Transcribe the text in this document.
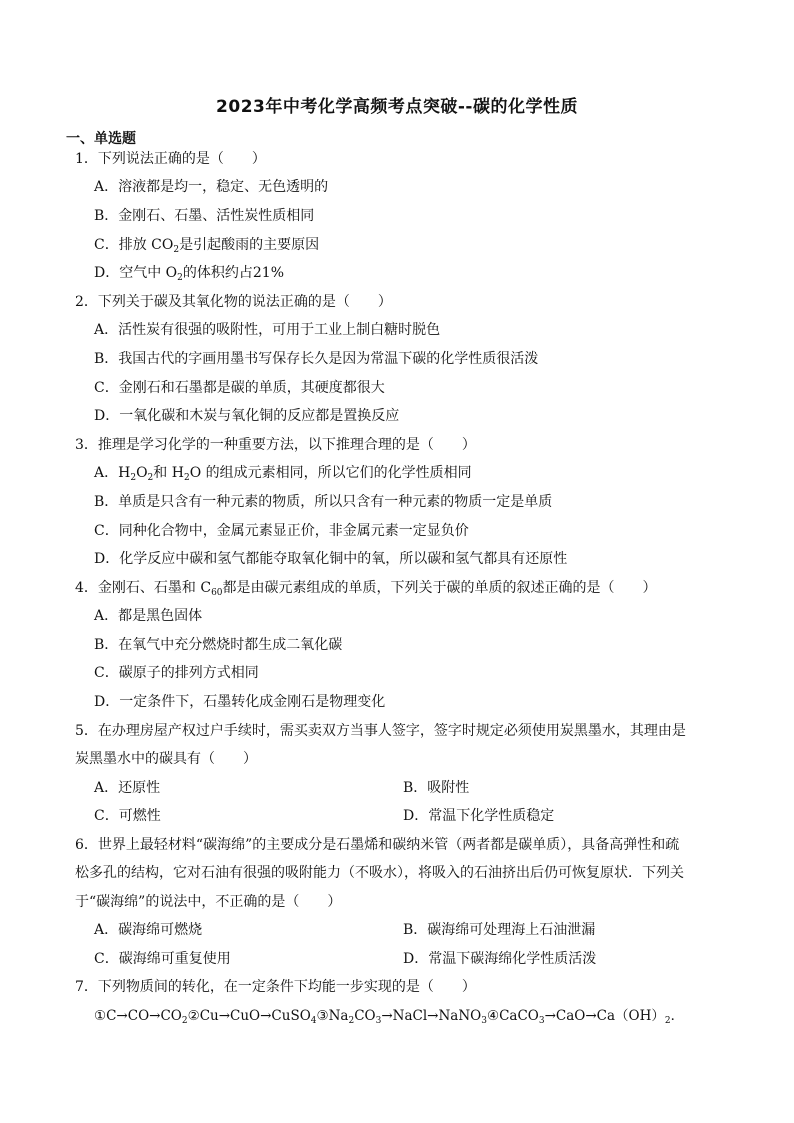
2023年中考化学高频考点突破--碳的化学性质
一、单选题
1．下列说法正确的是（　　）
A．溶液都是均一，稳定、无色透明的
B．金刚石、石墨、活性炭性质相同
C．排放 $CO_2$是引起酸雨的主要原因
D．空气中 $O_2$的体积约占21%
2．下列关于碳及其氧化物的说法正确的是（　　）
A．活性炭有很强的吸附性，可用于工业上制白糖时脱色
B．我国古代的字画用墨书写保存长久是因为常温下碳的化学性质很活泼
C．金刚石和石墨都是碳的单质，其硬度都很大
D．一氧化碳和木炭与氧化铜的反应都是置换反应
3．推理是学习化学的一种重要方法，以下推理合理的是（　　）
A．$H_2O_2$和 $H_2O$ 的组成元素相同，所以它们的化学性质相同
B．单质是只含有一种元素的物质，所以只含有一种元素的物质一定是单质
C．同种化合物中，金属元素显正价，非金属元素一定显负价
D．化学反应中碳和氢气都能夺取氧化铜中的氧，所以碳和氢气都具有还原性
4．金刚石、石墨和 $C_{60}$都是由碳元素组成的单质，下列关于碳的单质的叙述正确的是（　　）
A．都是黑色固体
B．在氧气中充分燃烧时都生成二氧化碳
C．碳原子的排列方式相同
D．一定条件下，石墨转化成金刚石是物理变化
5．在办理房屋产权过户手续时，需买卖双方当事人签字，签字时规定必须使用炭黑墨水，其理由是
炭黑墨水中的碳具有（　　）
A．还原性	B．吸附性
C．可燃性	D．常温下化学性质稳定
6．世界上最轻材料“碳海绵”的主要成分是石墨烯和碳纳米管（两者都是碳单质），具备高弹性和疏
松多孔的结构，它对石油有很强的吸附能力（不吸水），将吸入的石油挤出后仍可恢复原状．下列关
于“碳海绵”的说法中，不正确的是（　　）
A．碳海绵可燃烧	B．碳海绵可处理海上石油泄漏
C．碳海绵可重复使用	D．常温下碳海绵化学性质活泼
7．下列物质间的转化，在一定条件下均能一步实现的是（　　）
$①C\to CO\to CO_2②Cu\to CuO\to CuSO_4③Na_2CO_3\to NaCl\to NaNO_3④CaCO_3\to CaO\to Ca(OH)_2$．
